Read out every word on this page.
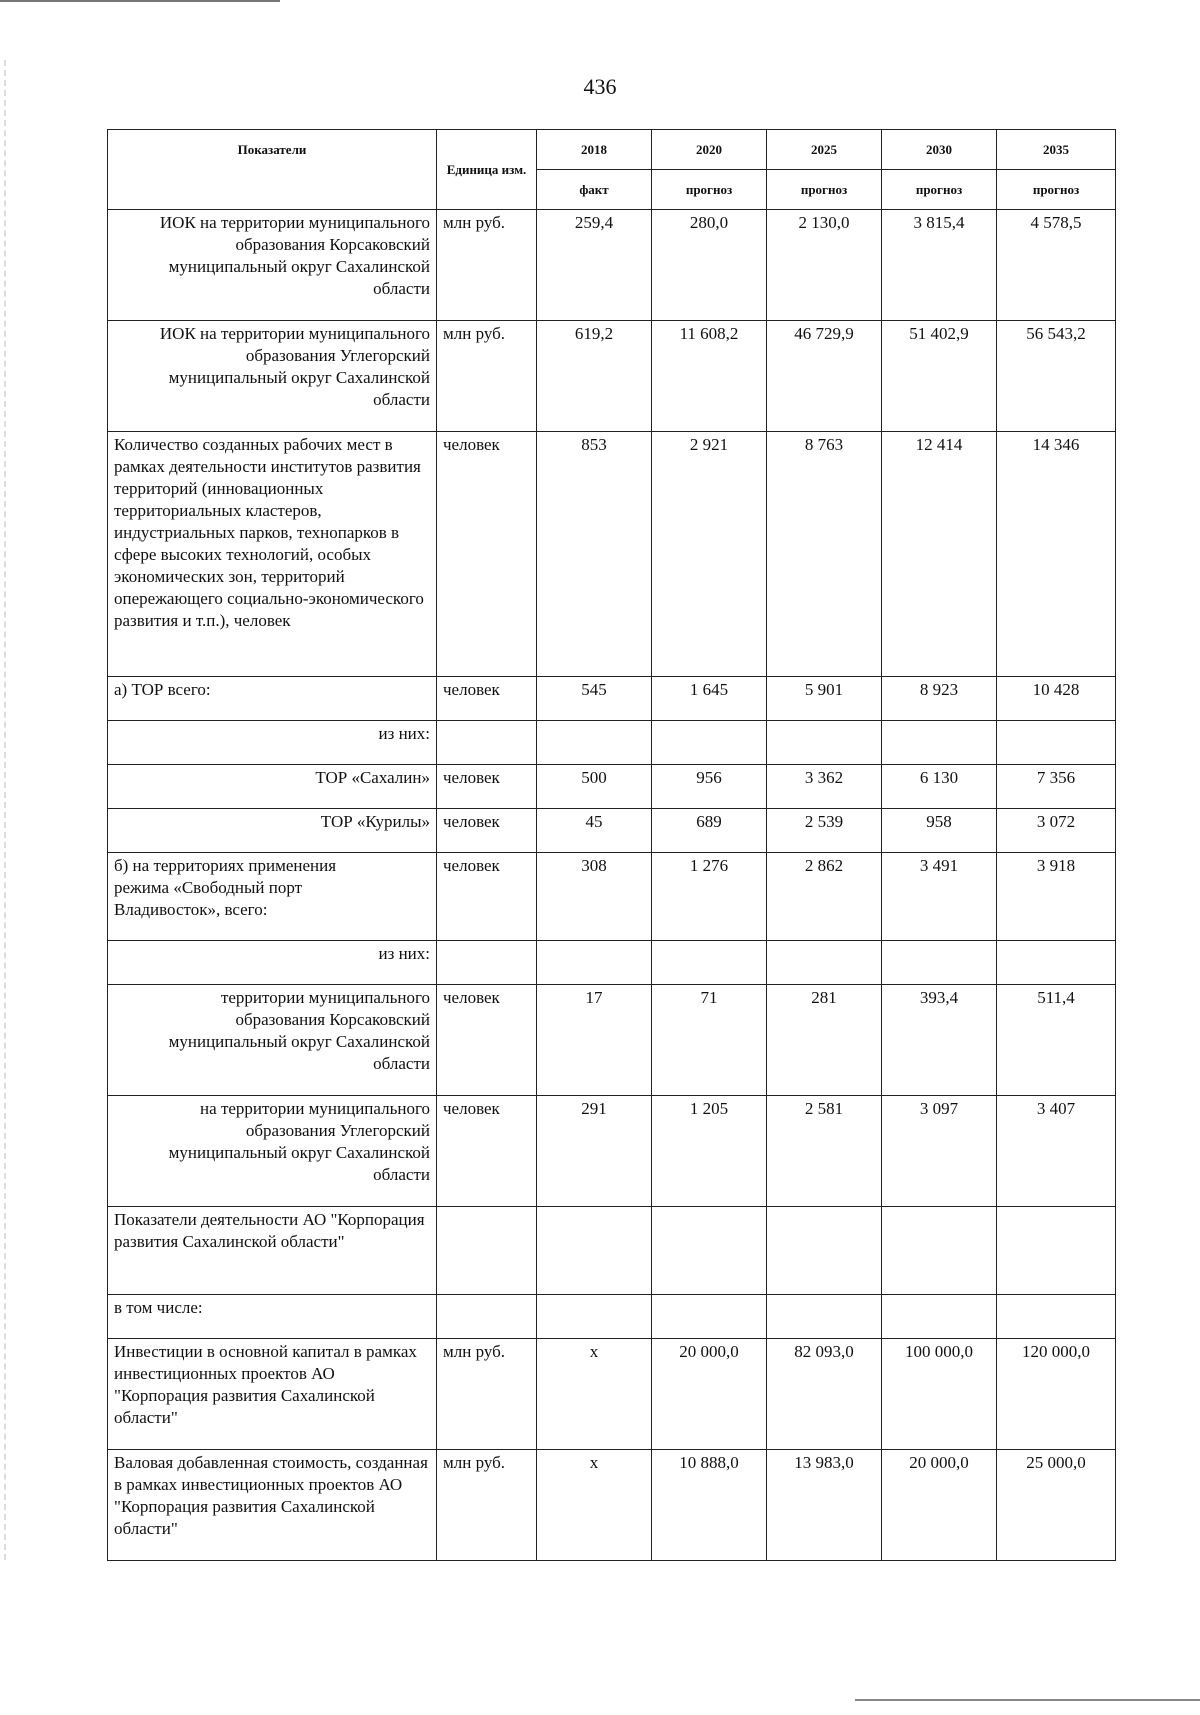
436
Показатели	Единица изм.	2018	2020	2025	2030	2035
		факт	прогноз	прогноз	прогноз	прогноз
ИОК на территории муниципального образования Корсаковский муниципальный округ Сахалинской области	млн руб.	259,4	280,0	2 130,0	3 815,4	4 578,5
ИОК на территории муниципального образования Углегорский муниципальный округ Сахалинской области	млн руб.	619,2	11 608,2	46 729,9	51 402,9	56 543,2
Количество созданных рабочих мест в рамках деятельности институтов развития территорий (инновационных территориальных кластеров, индустриальных парков, технопарков в сфере высоких технологий, особых экономических зон, территорий опережающего социально-экономического развития и т.п.), человек	человек	853	2 921	8 763	12 414	14 346
а) ТОР всего:	человек	545	1 645	5 901	8 923	10 428
из них:						
ТОР «Сахалин»	человек	500	956	3 362	6 130	7 356
ТОР «Курилы»	человек	45	689	2 539	958	3 072
б) на территориях применения режима «Свободный порт Владивосток», всего:	человек	308	1 276	2 862	3 491	3 918
из них:						
территории муниципального образования Корсаковский муниципальный округ Сахалинской области	человек	17	71	281	393,4	511,4
на территории муниципального образования Углегорский муниципальный округ Сахалинской области	человек	291	1 205	2 581	3 097	3 407
Показатели деятельности АО "Корпорация развития Сахалинской области"						
в том числе:						
Инвестиции в основной капитал в рамках инвестиционных проектов АО "Корпорация развития Сахалинской области"	млн руб.	х	20 000,0	82 093,0	100 000,0	120 000,0
Валовая добавленная стоимость, созданная в рамках инвестиционных проектов АО "Корпорация развития Сахалинской области"	млн руб.	х	10 888,0	13 983,0	20 000,0	25 000,0
